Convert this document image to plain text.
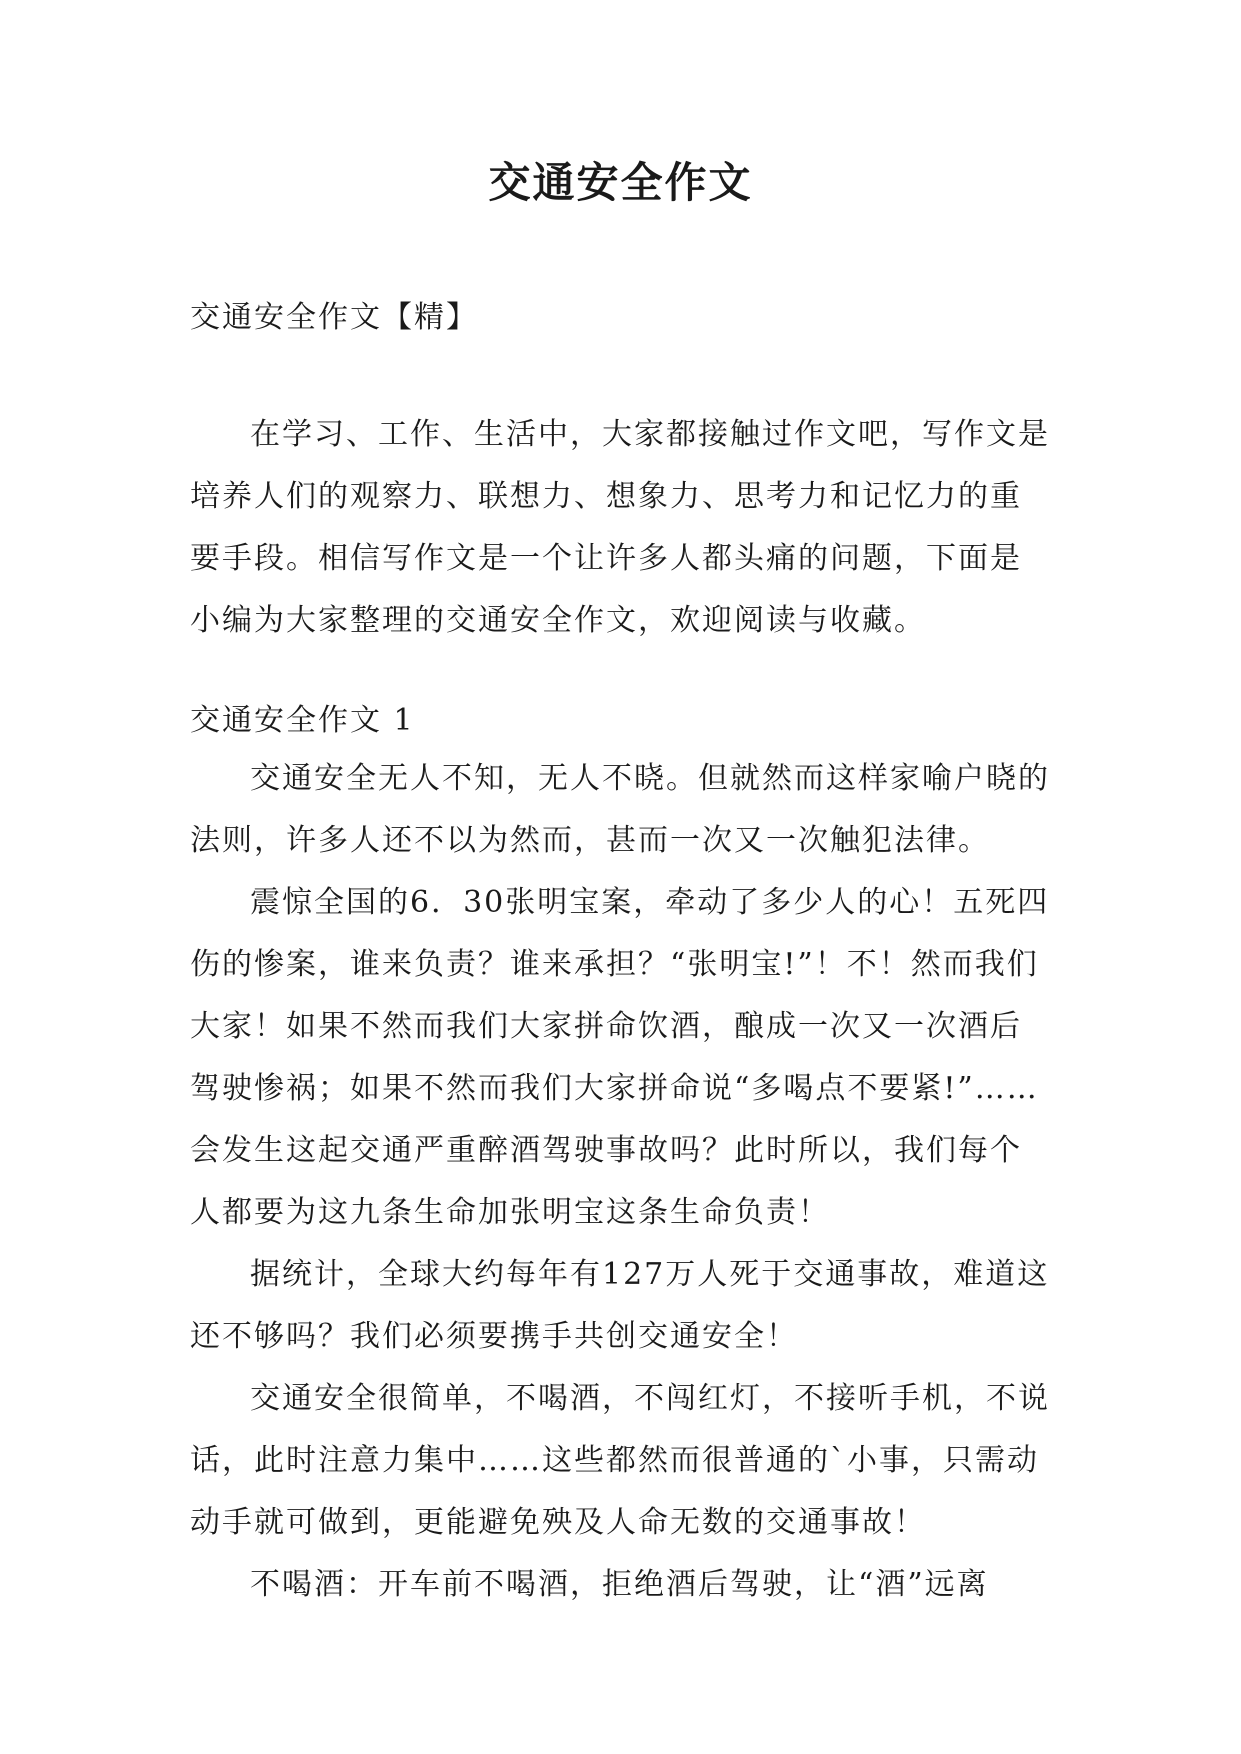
交通安全作文
交通安全作文【精】
在学习、工作、生活中，大家都接触过作文吧，写作文是培养人们的观察力、联想力、想象力、思考力和记忆力的重要手段。相信写作文是一个让许多人都头痛的问题，下面是小编为大家整理的交通安全作文，欢迎阅读与收藏。
交通安全作文 1

交通安全无人不知，无人不晓。但就然而这样家喻户晓的法则，许多人还不以为然而，甚而一次又一次触犯法律。

震惊全国的6．30张明宝案，牵动了多少人的心！五死四伤的惨案，谁来负责？谁来承担？“张明宝!”！不！然而我们大家！如果不然而我们大家拼命饮酒，酿成一次又一次酒后驾驶惨祸；如果不然而我们大家拼命说“多喝点不要紧!”……会发生这起交通严重醉酒驾驶事故吗？此时所以，我们每个人都要为这九条生命加张明宝这条生命负责！

据统计，全球大约每年有127万人死于交通事故，难道这还不够吗？我们必须要携手共创交通安全！

交通安全很简单，不喝酒，不闯红灯，不接听手机，不说话，此时注意力集中……这些都然而很普通的`小事，只需动动手就可做到，更能避免殃及人命无数的交通事故！

不喝酒：开车前不喝酒，拒绝酒后驾驶，让“酒”远离
